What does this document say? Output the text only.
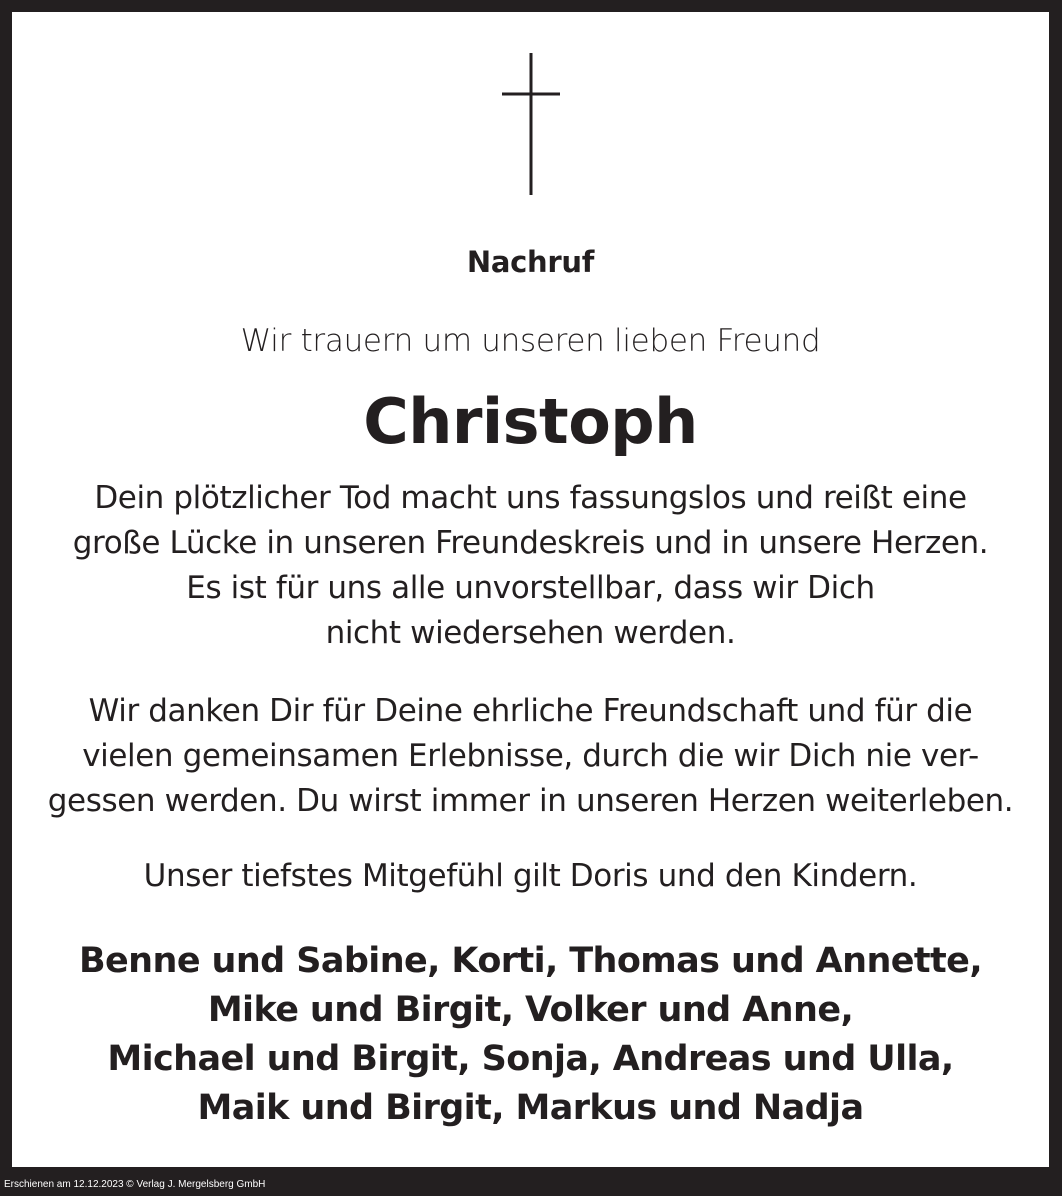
Nachruf
Wir trauern um unseren lieben Freund
Christoph
Dein plötzlicher Tod macht uns fassungslos und reißt eine
große Lücke in unseren Freundeskreis und in unsere Herzen.
Es ist für uns alle unvorstellbar, dass wir Dich
nicht wiedersehen werden.
Wir danken Dir für Deine ehrliche Freundschaft und für die
vielen gemeinsamen Erlebnisse, durch die wir Dich nie ver-
gessen werden. Du wirst immer in unseren Herzen weiterleben.
Unser tiefstes Mitgefühl gilt Doris und den Kindern.
Benne und Sabine, Korti, Thomas und Annette,
Mike und Birgit, Volker und Anne,
Michael und Birgit, Sonja, Andreas und Ulla,
Maik und Birgit, Markus und Nadja
Erschienen am 12.12.2023 © Verlag J. Mergelsberg GmbH
